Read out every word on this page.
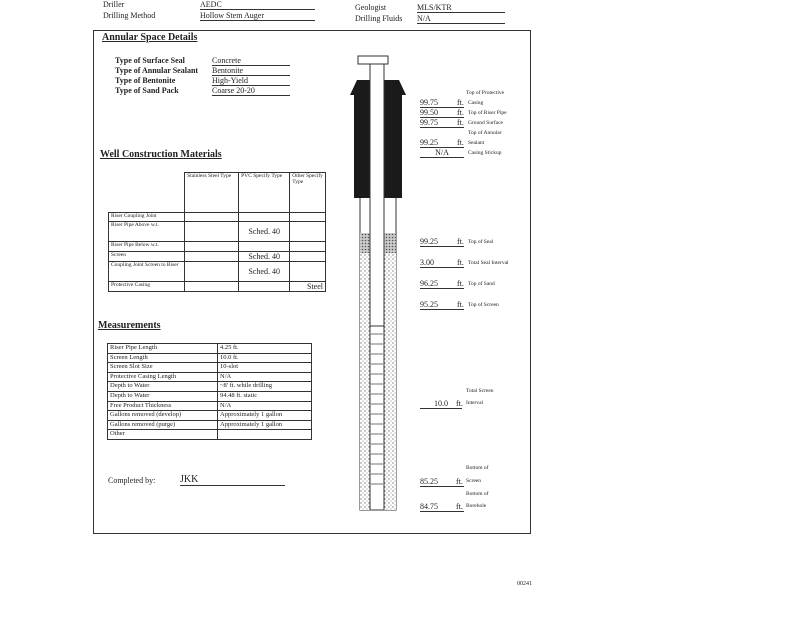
Driller	AEDC
Drilling Method	Hollow Stem Auger
Geologist	MLS/KTR
Drilling Fluids N/A
Annular Space Details
Type of Surface Seal	Concrete
Type of Annular Sealant Bentonite
Type of Bentonite	High-Yield
Type of Sand Pack	Coarse 20-20
Well Construction Materials
	Stainless Steel Type	PVC Specify Type	Other Specify Type
Riser Coupling Joint			
Riser Pipe Above w.t.		Sched. 40	
Riser Pipe Below w.t.			
Screen		Sched. 40	
Coupling Joint Screen to Riser		Sched. 40	
Protective Casing			Steel
Measurements
Riser Pipe Length	4.25 ft.
Screen Length	10.0 ft.
Screen Slot Size	10-slot
Protective Casing Length	N/A
Depth to Water	~8' ft. while drilling
Depth to Water	94.48 ft. static
Free Product Thickness	N/A
Gallons removed (develop)	Approximately 1 gallon
Gallons removed (purge)	Approximately 1 gallon
Other	
Completed by: JKK
Top of Protective
99.75	ft. Casing
99.50	ft. Top of Riser Pipe
99.75	ft. Ground Surface
Top of Annular
99.25	ft. Sealant
N/A	Casing Stickup
99.25	ft. Top of Seal
3.00	ft. Total Seal Interval
96.25	ft. Top of Sand
95.25	ft. Top of Screen
Total Screen
10.0	ft. Interval
Bottom of
85.25	ft. Screen
Bottom of
84.75	ft. Borehole
00241
